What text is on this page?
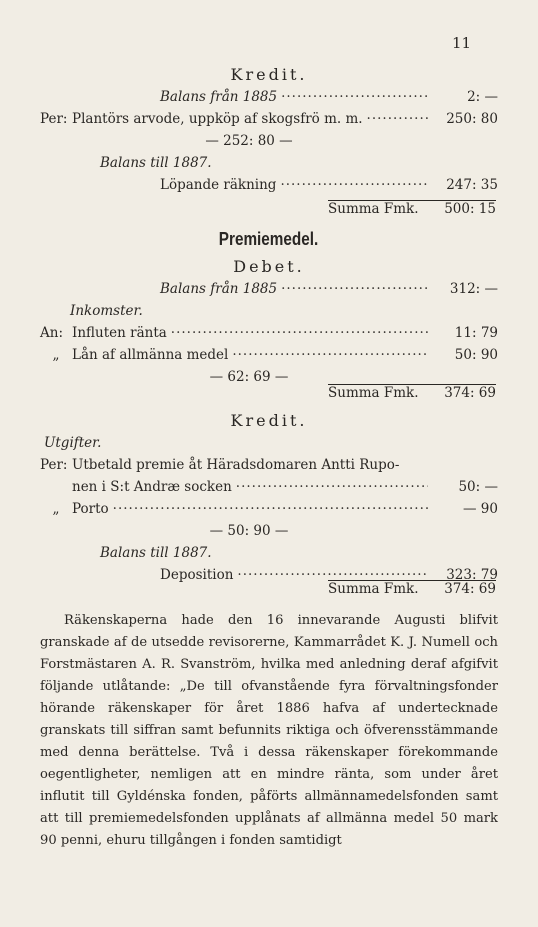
11
Kredit.
Balans från 1885 ·····	2: —
Per: Plantörs arvode, uppköp af skogsfrö m. m. ·····	250: 80
— 252: 80 —
Balans till 1887.
Löpande räkning ·····	247: 35
Summa Fmk. 500: 15
Premiemedel.
Debet.
Balans från 1885 ·····	312: —
Inkomster.
An: Influten ränta ·····	11: 79
„ Lån af allmänna medel ·····	50: 90
— 62: 69 —
Summa Fmk. 374: 69
Kredit.
Utgifter.
Per: Utbetald premie åt Häradsdomaren Antti Rupo-
nen i S:t Andræ socken ·····	50: —
„ Porto ·····	— 90
— 50: 90 —
Balans till 1887.
Deposition ·····	323: 79
Summa Fmk. 374: 69

Räkenskaperna hade den 16 innevarande Augusti blifvit granskade af de utsedde revisorerne, Kammarrådet K. J. Numell och Forstmästaren A. R. Svanström, hvilka med anledning deraf afgifvit följande utlåtande: „De till ofvanstående fyra förvaltningsfonder hörande räkenskaper för året 1886 hafva af undertecknade granskats till siffran samt befunnits riktiga och öfverensstämmande med denna berättelse. Två i dessa räkenskaper förekommande oegentligheter, nemligen att en mindre ränta, som under året influtit till Gyldénska fonden, påförts allmännamedelsfonden samt att till premiemedelsfonden upplånats af allmänna medel 50 mark 90 penni, ehuru tillgången i fonden samtidigt
